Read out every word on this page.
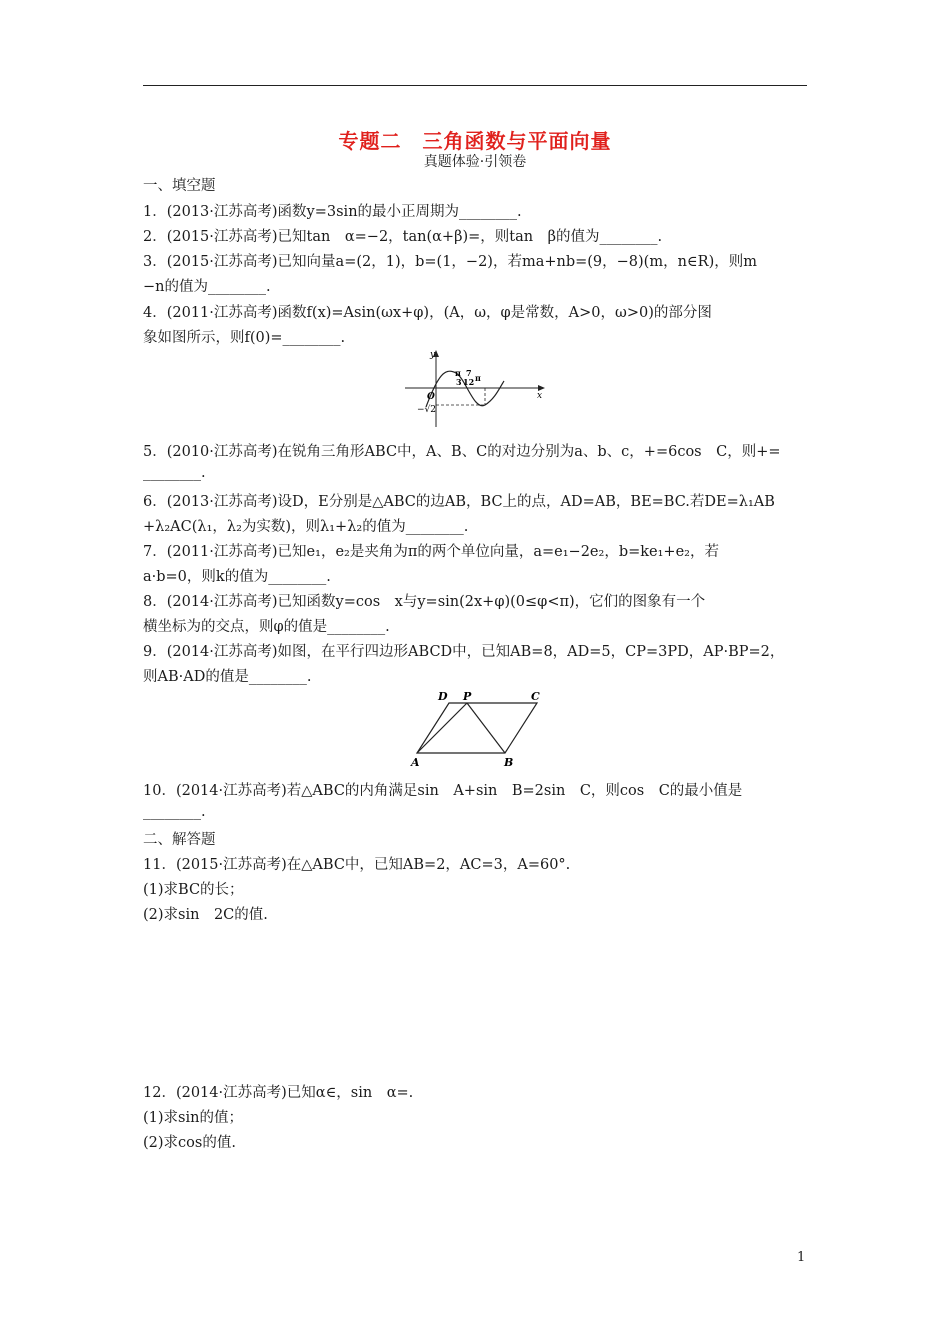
专题二　三角函数与平面向量
真题体验·引领卷
一、填空题
1．(2013·江苏高考)函数y=3sin的最小正周期为________.
2．(2015·江苏高考)已知tan　α=−2，tan(α+β)=，则tan　β的值为________.
3．(2015·江苏高考)已知向量a=(2，1)，b=(1，−2)，若ma+nb=(9，−8)(m，n∈R)，则m
−n的值为________.
4．(2011·江苏高考)函数f(x)=Asin(ωx+φ)，(A，ω，φ是常数，A>0，ω>0)的部分图
象如图所示，则f(0)=________.
y
x
O
−√2
π
3
7
12 π
5．(2010·江苏高考)在锐角三角形ABC中，A、B、C的对边分别为a、b、c，+=6cos　C，则+=
________.
6．(2013·江苏高考)设D，E分别是△ABC的边AB，BC上的点，AD=AB，BE=BC.若DE=λ₁AB
+λ₂AC(λ₁，λ₂为实数)，则λ₁+λ₂的值为________.
7．(2011·江苏高考)已知e₁，e₂是夹角为π的两个单位向量，a=e₁−2e₂，b=ke₁+e₂，若
a·b=0，则k的值为________.
8．(2014·江苏高考)已知函数y=cos　x与y=sin(2x+φ)(0≤φ<π)，它们的图象有一个
横坐标为的交点，则φ的值是________.
9．(2014·江苏高考)如图，在平行四边形ABCD中，已知AB=8，AD=5，CP=3PD，AP·BP=2，
则AB·AD的值是________.
D P	C
A	B
10．(2014·江苏高考)若△ABC的内角满足sin　A+sin　B=2sin　C，则cos　C的最小值是
________.
二、解答题
11．(2015·江苏高考)在△ABC中，已知AB=2，AC=3，A=60°.
(1)求BC的长；
(2)求sin　2C的值.
12．(2014·江苏高考)已知α∈，sin　α=.
(1)求sin的值；
(2)求cos的值.
1
